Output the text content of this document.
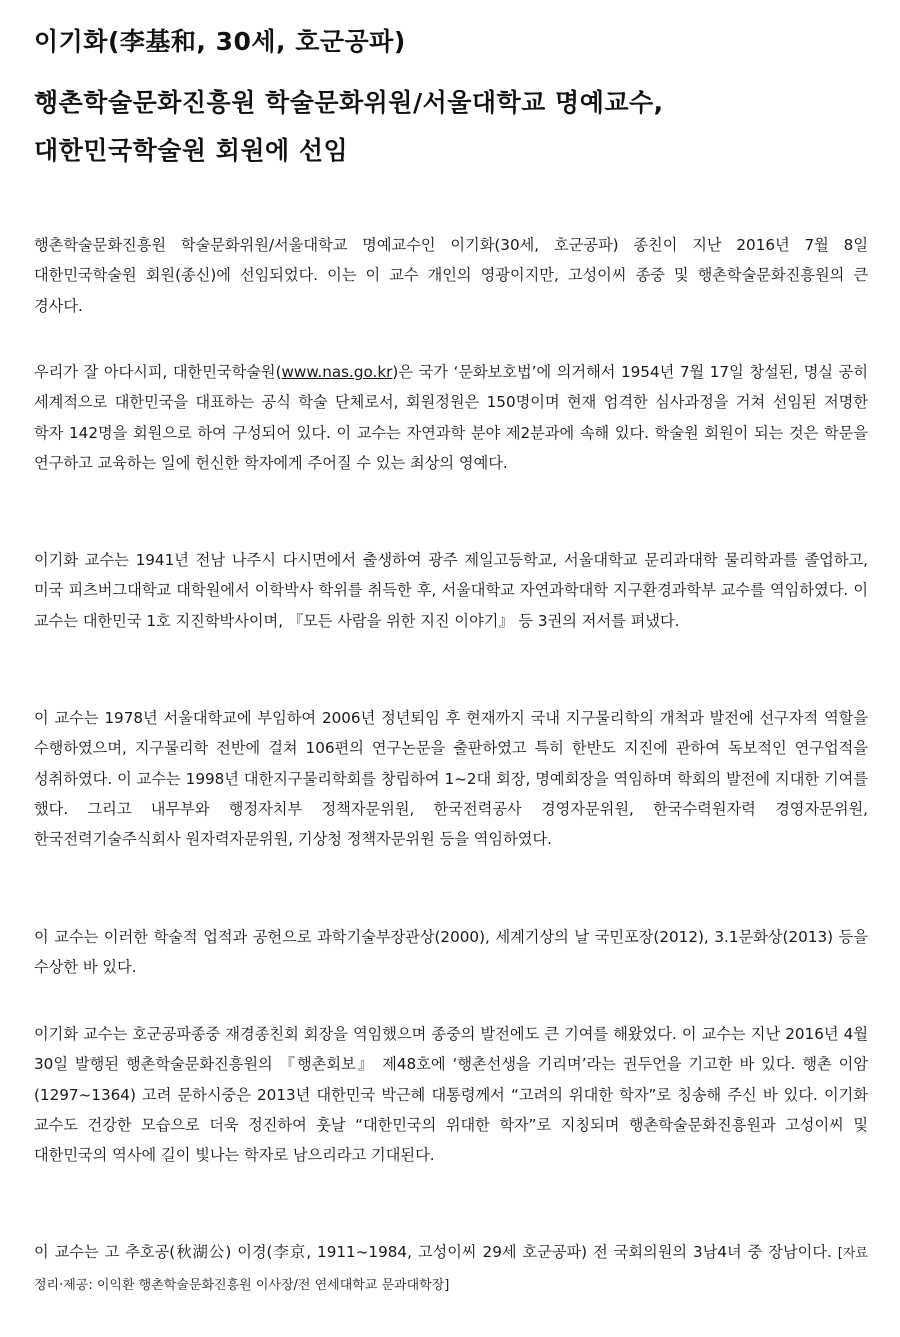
이기화(李基和, 30세, 호군공파)
행촌학술문화진흥원 학술문화위원/서울대학교 명예교수,
대한민국학술원 회원에 선임

행촌학술문화진흥원 학술문화위원/서울대학교 명예교수인 이기화(30세, 호군공파) 종친이 지난 2016년 7월 8일 대한민국학술원 회원(종신)에 선임되었다. 이는 이 교수 개인의 영광이지만, 고성이씨 종중 및 행촌학술문화진흥원의 큰 경사다.

우리가 잘 아다시피, 대한민국학술원(www.nas.go.kr)은 국가 ‘문화보호법’에 의거해서 1954년 7월 17일 창설된, 명실 공히 세계적으로 대한민국을 대표하는 공식 학술 단체로서, 회원정원은 150명이며 현재 엄격한 심사과정을 거쳐 선임된 저명한 학자 142명을 회원으로 하여 구성되어 있다. 이 교수는 자연과학 분야 제2분과에 속해 있다. 학술원 회원이 되는 것은 학문을 연구하고 교육하는 일에 헌신한 학자에게 주어질 수 있는 최상의 영예다.

이기화 교수는 1941년 전남 나주시 다시면에서 출생하여 광주 제일고등학교, 서울대학교 문리과대학 물리학과를 졸업하고, 미국 피츠버그대학교 대학원에서 이학박사 학위를 취득한 후, 서울대학교 자연과학대학 지구환경과학부 교수를 역임하였다. 이 교수는 대한민국 1호 지진학박사이며, 『모든 사람을 위한 지진 이야기』 등 3권의 저서를 펴냈다.

이 교수는 1978년 서울대학교에 부임하여 2006년 정년퇴임 후 현재까지 국내 지구물리학의 개척과 발전에 선구자적 역할을 수행하였으며, 지구물리학 전반에 걸쳐 106편의 연구논문을 출판하였고 특히 한반도 지진에 관하여 독보적인 연구업적을 성취하였다. 이 교수는 1998년 대한지구물리학회를 창립하여 1~2대 회장, 명예회장을 역임하며 학회의 발전에 지대한 기여를 했다. 그리고 내무부와 행정자치부 정책자문위원, 한국전력공사 경영자문위원, 한국수력원자력 경영자문위원, 한국전력기술주식회사 원자력자문위원, 기상청 정책자문위원 등을 역임하였다.

이 교수는 이러한 학술적 업적과 공헌으로 과학기술부장관상(2000), 세계기상의 날 국민포장(2012), 3.1문화상(2013) 등을 수상한 바 있다.

이기화 교수는 호군공파종중 재경종친회 회장을 역임했으며 종중의 발전에도 큰 기여를 해왔었다. 이 교수는 지난 2016년 4월 30일 발행된 행촌학술문화진흥원의 『행촌회보』 제48호에 ‘행촌선생을 기리며’라는 권두언을 기고한 바 있다. 행촌 이암(1297~1364) 고려 문하시중은 2013년 대한민국 박근혜 대통령께서 “고려의 위대한 학자”로 칭송해 주신 바 있다. 이기화 교수도 건강한 모습으로 더욱 정진하여 훗날 “대한민국의 위대한 학자”로 지칭되며 행촌학술문화진흥원과 고성이씨 및 대한민국의 역사에 길이 빛나는 학자로 남으리라고 기대된다.

이 교수는 고 추호공(秋湖公) 이경(李京, 1911~1984, 고성이씨 29세 호군공파) 전 국회의원의 3남4녀 중 장남이다. [자료 정리·제공: 이익환 행촌학술문화진흥원 이사장/전 연세대학교 문과대학장]
